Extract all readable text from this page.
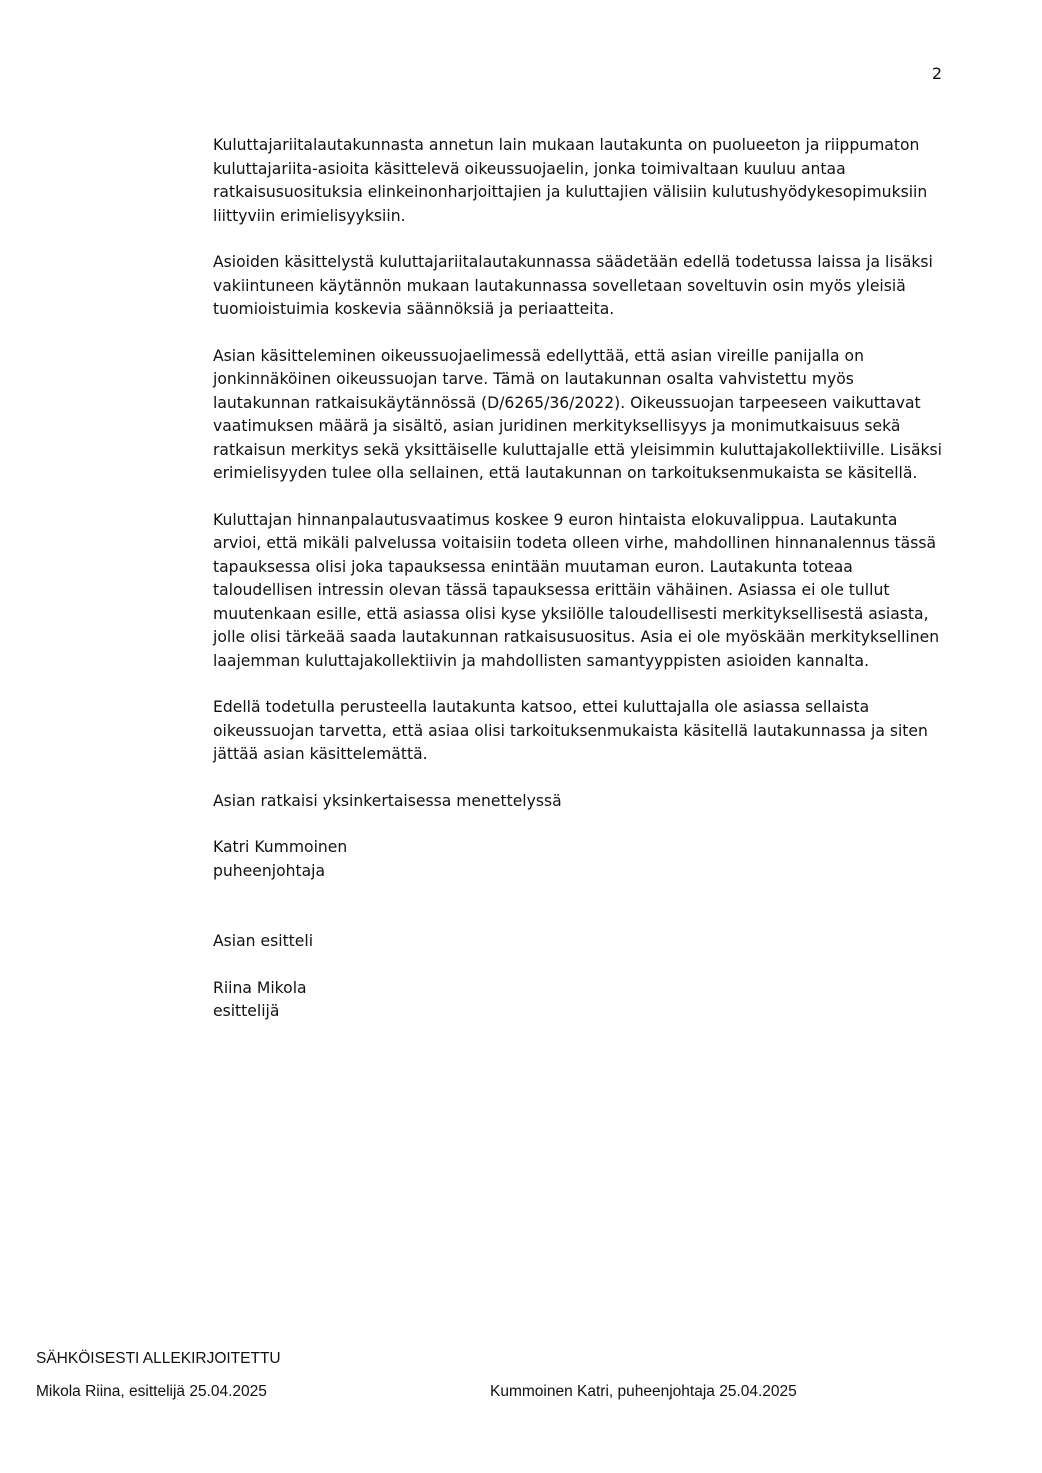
2

Kuluttajariitalautakunnasta annetun lain mukaan lautakunta on puolueeton ja riippumaton kuluttajariita-asioita käsittelevä oikeussuojaelin, jonka toimivaltaan kuuluu antaa ratkaisusuosituksia elinkeinonharjoittajien ja kuluttajien välisiin kulutushyödykesopimuksiin liittyviin erimielisyyksiin.

Asioiden käsittelystä kuluttajariitalautakunnassa säädetään edellä todetussa laissa ja lisäksi vakiintuneen käytännön mukaan lautakunnassa sovelletaan soveltuvin osin myös yleisiä tuomioistuimia koskevia säännöksiä ja periaatteita.

Asian käsitteleminen oikeussuojaelimessä edellyttää, että asian vireille panijalla on jonkinnäköinen oikeussuojan tarve. Tämä on lautakunnan osalta vahvistettu myös lautakunnan ratkaisukäytännössä (D/6265/36/2022). Oikeussuojan tarpeeseen vaikuttavat vaatimuksen määrä ja sisältö, asian juridinen merkityksellisyys ja monimutkaisuus sekä ratkaisun merkitys sekä yksittäiselle kuluttajalle että yleisimmin kuluttajakollektiiville. Lisäksi erimielisyyden tulee olla sellainen, että lautakunnan on tarkoituksenmukaista se käsitellä.

Kuluttajan hinnanpalautusvaatimus koskee 9 euron hintaista elokuvalippua. Lautakunta arvioi, että mikäli palvelussa voitaisiin todeta olleen virhe, mahdollinen hinnanalennus tässä tapauksessa olisi joka tapauksessa enintään muutaman euron. Lautakunta toteaa taloudellisen intressin olevan tässä tapauksessa erittäin vähäinen. Asiassa ei ole tullut muutenkaan esille, että asiassa olisi kyse yksilölle taloudellisesti merkityksellisestä asiasta, jolle olisi tärkeää saada lautakunnan ratkaisusuositus. Asia ei ole myöskään merkityksellinen laajemman kuluttajakollektiivin ja mahdollisten samantyyppisten asioiden kannalta.

Edellä todetulla perusteella lautakunta katsoo, ettei kuluttajalla ole asiassa sellaista oikeussuojan tarvetta, että asiaa olisi tarkoituksenmukaista käsitellä lautakunnassa ja siten jättää asian käsittelemättä.

Asian ratkaisi yksinkertaisessa menettelyssä

Katri Kummoinen
puheenjohtaja
Asian esitteli
Riina Mikola
esittelijä
SÄHKÖISESTI ALLEKIRJOITETTU
Mikola Riina, esittelijä 25.04.2025	Kummoinen Katri, puheenjohtaja 25.04.2025
